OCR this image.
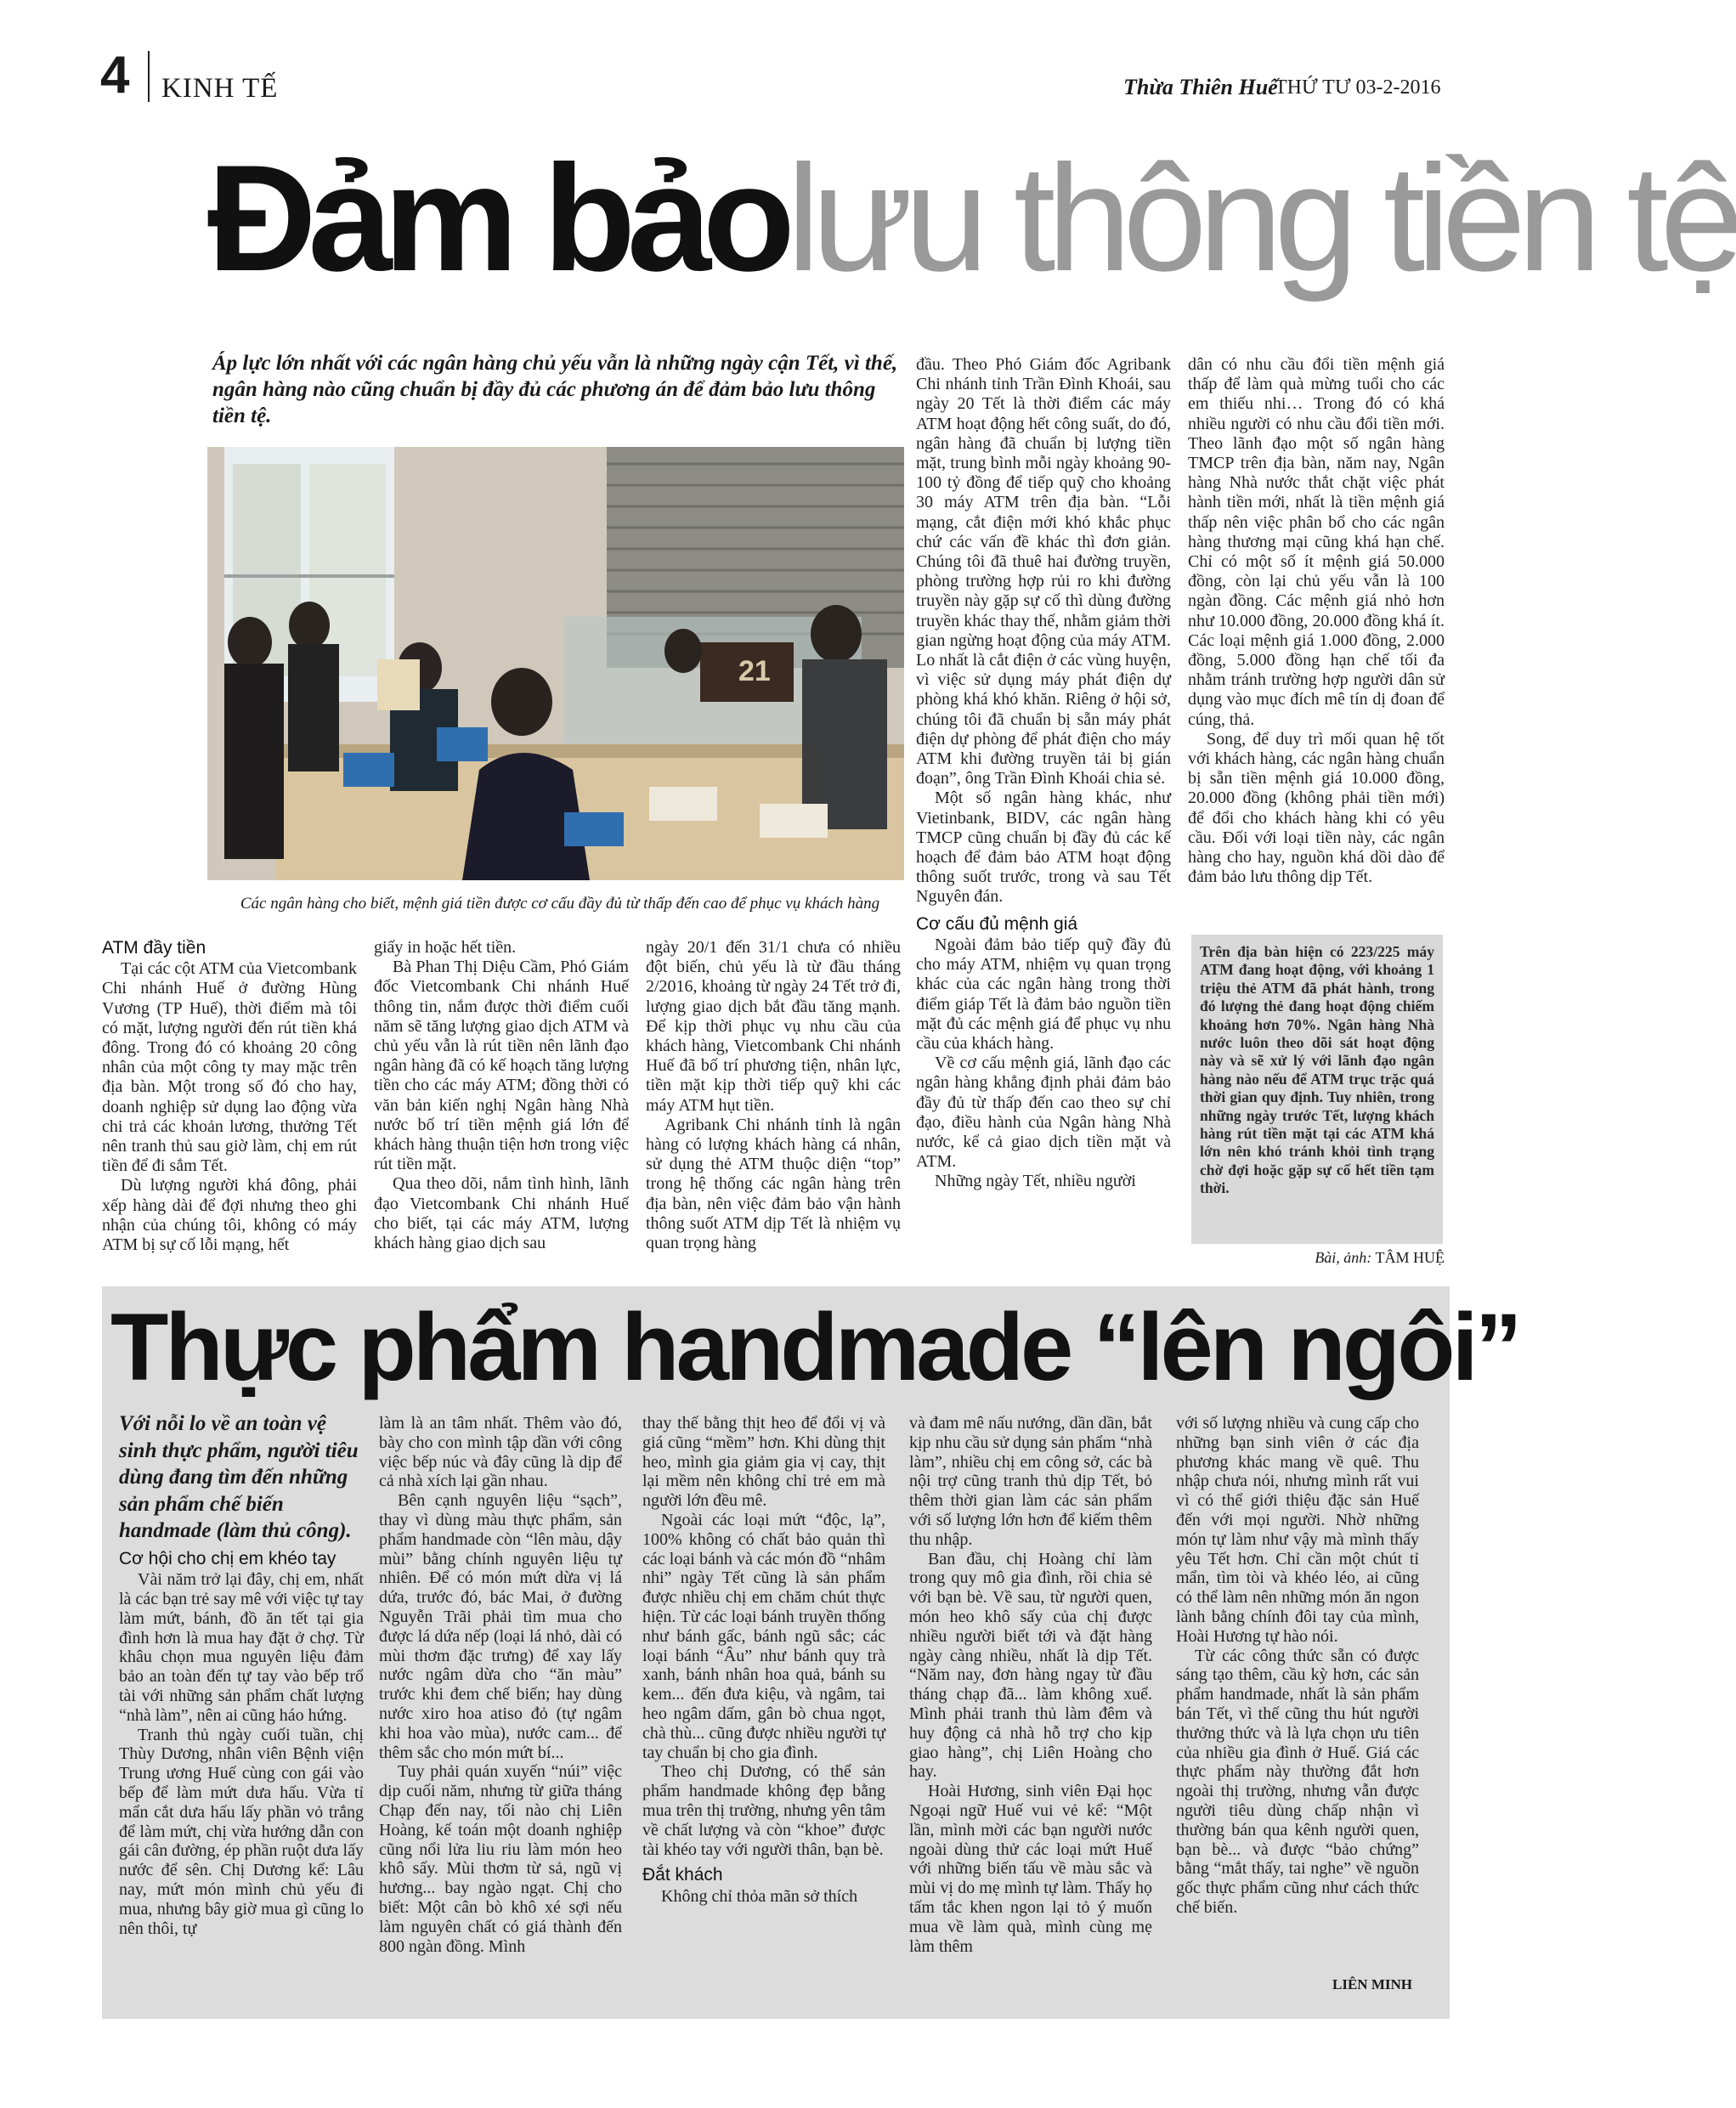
4 KINH TẾ	Thừa Thiên Huế
THỨ TƯ 03-2-2016
Đảm bảolưu thông tiền tệ
Áp lực lớn nhất với các ngân hàng chủ yếu vẫn là những ngày cận Tết, vì thế, ngân hàng nào cũng chuẩn bị đầy đủ các phương án để đảm bảo lưu thông tiền tệ.
21
Các ngân hàng cho biết, mệnh giá tiền được cơ cấu đầy đủ từ thấp đến cao để phục vụ khách hàng
ATM đầy tiền

Tại các cột ATM của Vietcombank Chi nhánh Huế ở đường Hùng Vương (TP Huế), thời điểm mà tôi có mặt, lượng người đến rút tiền khá đông. Trong đó có khoảng 20 công nhân của một công ty may mặc trên địa bàn. Một trong số đó cho hay, doanh nghiệp sử dụng lao động vừa chi trả các khoản lương, thưởng Tết nên tranh thủ sau giờ làm, chị em rút tiền để đi sắm Tết.

Dù lượng người khá đông, phải xếp hàng dài để đợi nhưng theo ghi nhận của chúng tôi, không có máy ATM bị sự cố lỗi mạng, hết

giấy in hoặc hết tiền.

Bà Phan Thị Diệu Cầm, Phó Giám đốc Vietcombank Chi nhánh Huế thông tin, nắm được thời điểm cuối năm sẽ tăng lượng giao dịch ATM và chủ yếu vẫn là rút tiền nên lãnh đạo ngân hàng đã có kế hoạch tăng lượng tiền cho các máy ATM; đồng thời có văn bản kiến nghị Ngân hàng Nhà nước bố trí tiền mệnh giá lớn để khách hàng thuận tiện hơn trong việc rút tiền mặt.

Qua theo dõi, nắm tình hình, lãnh đạo Vietcombank Chi nhánh Huế cho biết, tại các máy ATM, lượng khách hàng giao dịch sau

ngày 20/1 đến 31/1 chưa có nhiều đột biến, chủ yếu là từ đầu tháng 2/2016, khoảng từ ngày 24 Tết trở đi, lượng giao dịch bắt đầu tăng mạnh. Để kịp thời phục vụ nhu cầu của khách hàng, Vietcombank Chi nhánh Huế đã bố trí phương tiện, nhân lực, tiền mặt kịp thời tiếp quỹ khi các máy ATM hụt tiền.

Agribank Chi nhánh tỉnh là ngân hàng có lượng khách hàng cá nhân, sử dụng thẻ ATM thuộc diện “top” trong hệ thống các ngân hàng trên địa bàn, nên việc đảm bảo vận hành thông suốt ATM dịp Tết là nhiệm vụ quan trọng hàng

đầu. Theo Phó Giám đốc Agribank Chi nhánh tỉnh Trần Đình Khoái, sau ngày 20 Tết là thời điểm các máy ATM hoạt động hết công suất, do đó, ngân hàng đã chuẩn bị lượng tiền mặt, trung bình mỗi ngày khoảng 90-100 tỷ đồng để tiếp quỹ cho khoảng 30 máy ATM trên địa bàn. “Lỗi mạng, cắt điện mới khó khắc phục chứ các vấn đề khác thì đơn giản. Chúng tôi đã thuê hai đường truyền, phòng trường hợp rủi ro khi đường truyền này gặp sự cố thì dùng đường truyền khác thay thế, nhằm giảm thời gian ngừng hoạt động của máy ATM. Lo nhất là cắt điện ở các vùng huyện, vì việc sử dụng máy phát điện dự phòng khá khó khăn. Riêng ở hội sở, chúng tôi đã chuẩn bị sẵn máy phát điện dự phòng để phát điện cho máy ATM khi đường truyền tải bị gián đoạn”, ông Trần Đình Khoái chia sẻ.

Một số ngân hàng khác, như Vietinbank, BIDV, các ngân hàng TMCP cũng chuẩn bị đầy đủ các kế hoạch để đảm bảo ATM hoạt động thông suốt trước, trong và sau Tết Nguyên đán.

Cơ cấu đủ mệnh giá

Ngoài đảm bảo tiếp quỹ đầy đủ cho máy ATM, nhiệm vụ quan trọng khác của các ngân hàng trong thời điểm giáp Tết là đảm bảo nguồn tiền mặt đủ các mệnh giá để phục vụ nhu cầu của khách hàng.

Về cơ cấu mệnh giá, lãnh đạo các ngân hàng khẳng định phải đảm bảo đầy đủ từ thấp đến cao theo sự chỉ đạo, điều hành của Ngân hàng Nhà nước, kể cả giao dịch tiền mặt và ATM.

Những ngày Tết, nhiều người

dân có nhu cầu đổi tiền mệnh giá thấp để làm quà mừng tuổi cho các em thiếu nhi… Trong đó có khá nhiều người có nhu cầu đổi tiền mới. Theo lãnh đạo một số ngân hàng TMCP trên địa bàn, năm nay, Ngân hàng Nhà nước thắt chặt việc phát hành tiền mới, nhất là tiền mệnh giá thấp nên việc phân bổ cho các ngân hàng thương mại cũng khá hạn chế. Chỉ có một số ít mệnh giá 50.000 đồng, còn lại chủ yếu vẫn là 100 ngàn đồng. Các mệnh giá nhỏ hơn như 10.000 đồng, 20.000 đồng khá ít. Các loại mệnh giá 1.000 đồng, 2.000 đồng, 5.000 đồng hạn chế tối đa nhằm tránh trường hợp người dân sử dụng vào mục đích mê tín dị đoan để cúng, thả.

Song, để duy trì mối quan hệ tốt với khách hàng, các ngân hàng chuẩn bị sẵn tiền mệnh giá 10.000 đồng, 20.000 đồng (không phải tiền mới) để đổi cho khách hàng khi có yêu cầu. Đối với loại tiền này, các ngân hàng cho hay, nguồn khá dồi dào để đảm bảo lưu thông dịp Tết.

Trên địa bàn hiện có 223/225 máy ATM đang hoạt động, với khoảng 1 triệu thẻ ATM đã phát hành, trong đó lượng thẻ đang hoạt động chiếm khoảng hơn 70%. Ngân hàng Nhà nước luôn theo dõi sát hoạt động này và sẽ xử lý với lãnh đạo ngân hàng nào nếu để ATM trục trặc quá thời gian quy định. Tuy nhiên, trong những ngày trước Tết, lượng khách hàng rút tiền mặt tại các ATM khá lớn nên khó tránh khỏi tình trạng chờ đợi hoặc gặp sự cố hết tiền tạm thời.
Bài, ảnh: TÂM HUỆ
Thực phẩm handmade “lên ngôi”
Với nỗi lo về an toàn vệ sinh thực phẩm, người tiêu dùng đang tìm đến những sản phẩm chế biến handmade (làm thủ công).
Cơ hội cho chị em khéo tay

Vài năm trở lại đây, chị em, nhất là các bạn trẻ say mê với việc tự tay làm mứt, bánh, đồ ăn tết tại gia đình hơn là mua hay đặt ở chợ. Từ khâu chọn mua nguyên liệu đảm bảo an toàn đến tự tay vào bếp trổ tài với những sản phẩm chất lượng “nhà làm”, nên ai cũng háo hứng.

Tranh thủ ngày cuối tuần, chị Thùy Dương, nhân viên Bệnh viện Trung ương Huế cùng con gái vào bếp để làm mứt dưa hấu. Vừa tỉ mẩn cắt dưa hấu lấy phần vỏ trắng để làm mứt, chị vừa hướng dẫn con gái cân đường, ép phần ruột dưa lấy nước để sên. Chị Dương kể: Lâu nay, mứt món mình chủ yếu đi mua, nhưng bây giờ mua gì cũng lo nên thôi, tự

làm là an tâm nhất. Thêm vào đó, bày cho con mình tập dần với công việc bếp núc và đây cũng là dịp để cả nhà xích lại gần nhau.

Bên cạnh nguyên liệu “sạch”, thay vì dùng màu thực phẩm, sản phẩm handmade còn “lên màu, dậy mùi” bằng chính nguyên liệu tự nhiên. Để có món mứt dừa vị lá dứa, trước đó, bác Mai, ở đường Nguyễn Trãi phải tìm mua cho được lá dứa nếp (loại lá nhỏ, dài có mùi thơm đặc trưng) để xay lấy nước ngâm dừa cho “ăn màu” trước khi đem chế biến; hay dùng nước xiro hoa atiso đỏ (tự ngâm khi hoa vào mùa), nước cam... để thêm sắc cho món mứt bí...

Tuy phải quán xuyến “núi” việc dịp cuối năm, nhưng từ giữa tháng Chạp đến nay, tối nào chị Liên Hoàng, kế toán một doanh nghiệp cũng nổi lửa liu riu làm món heo khô sấy. Mùi thơm từ sả, ngũ vị hương... bay ngào ngạt. Chị cho biết: Một cân bò khô xé sợi nếu làm nguyên chất có giá thành đến 800 ngàn đồng. Mình

thay thế bằng thịt heo để đổi vị và giá cũng “mềm” hơn. Khi dùng thịt heo, mình gia giảm gia vị cay, thịt lại mềm nên không chỉ trẻ em mà người lớn đều mê.

Ngoài các loại mứt “độc, lạ”, 100% không có chất bảo quản thì các loại bánh và các món đồ “nhâm nhi” ngày Tết cũng là sản phẩm được nhiều chị em chăm chút thực hiện. Từ các loại bánh truyền thống như bánh gấc, bánh ngũ sắc; các loại bánh “Âu” như bánh quy trà xanh, bánh nhân hoa quả, bánh su kem... đến đưa kiệu, và ngâm, tai heo ngâm dấm, gân bò chua ngọt, chà thù... cũng được nhiều người tự tay chuẩn bị cho gia đình.

Theo chị Dương, có thể sản phẩm handmade không đẹp bằng mua trên thị trường, nhưng yên tâm về chất lượng và còn “khoe” được tài khéo tay với người thân, bạn bè.

Đắt khách

Không chỉ thỏa mãn sở thích

và đam mê nấu nướng, dần dần, bắt kịp nhu cầu sử dụng sản phẩm “nhà làm”, nhiều chị em công sở, các bà nội trợ cũng tranh thủ dịp Tết, bỏ thêm thời gian làm các sản phẩm với số lượng lớn hơn để kiếm thêm thu nhập.

Ban đầu, chị Hoàng chỉ làm trong quy mô gia đình, rồi chia sẻ với bạn bè. Về sau, từ người quen, món heo khô sấy của chị được nhiều người biết tới và đặt hàng ngày càng nhiều, nhất là dịp Tết. “Năm nay, đơn hàng ngay từ đầu tháng chạp đã... làm không xuể. Mình phải tranh thủ làm đêm và huy động cả nhà hỗ trợ cho kịp giao hàng”, chị Liên Hoàng cho hay.

Hoài Hương, sinh viên Đại học Ngoại ngữ Huế vui vẻ kể: “Một lần, mình mời các bạn người nước ngoài dùng thử các loại mứt Huế với những biến tấu về màu sắc và mùi vị do mẹ mình tự làm. Thấy họ tấm tắc khen ngon lại tỏ ý muốn mua về làm quà, mình cùng mẹ làm thêm

với số lượng nhiều và cung cấp cho những bạn sinh viên ở các địa phương khác mang về quê. Thu nhập chưa nói, nhưng mình rất vui vì có thể giới thiệu đặc sản Huế đến với mọi người. Nhờ những món tự làm như vậy mà mình thấy yêu Tết hơn. Chỉ cần một chút tỉ mẩn, tìm tòi và khéo léo, ai cũng có thể làm nên những món ăn ngon lành bằng chính đôi tay của mình, Hoài Hương tự hào nói.

Từ các công thức sẵn có được sáng tạo thêm, cầu kỳ hơn, các sản phẩm handmade, nhất là sản phẩm bán Tết, vì thế cũng thu hút người thưởng thức và là lựa chọn ưu tiên của nhiều gia đình ở Huế. Giá các thực phẩm này thường đắt hơn ngoài thị trường, nhưng vẫn được người tiêu dùng chấp nhận vì thường bán qua kênh người quen, bạn bè... và được “bảo chứng” bằng “mắt thấy, tai nghe” về nguồn gốc thực phẩm cũng như cách thức chế biến.

LIÊN MINH
